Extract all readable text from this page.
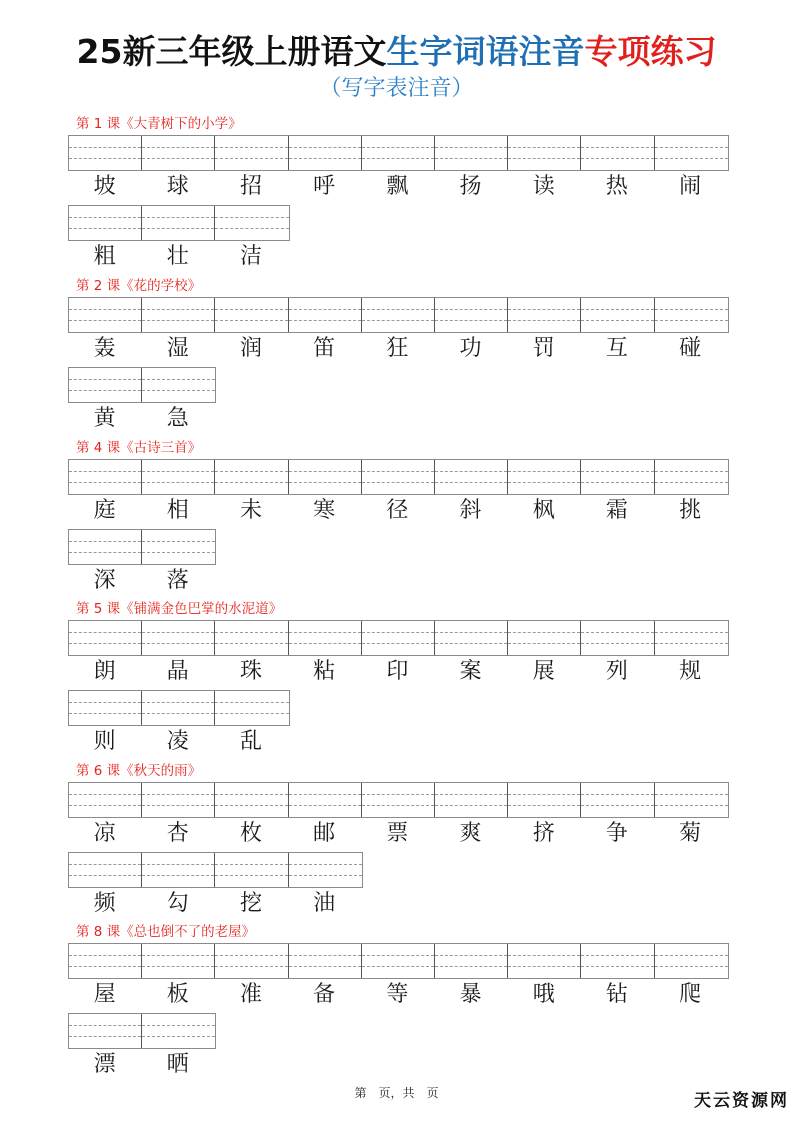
25新三年级上册语文生字词语注音专项练习
（写字表注音）
第 1 课《大青树下的小学》
坡	球	招	呼	飘	扬	读	热	闹
粗	壮	洁
第 2 课《花的学校》
轰	湿	润	笛	狂	功	罚	互	碰
黄	急
第 4 课《古诗三首》
庭	相	未	寒	径	斜	枫	霜	挑
深	落
第 5 课《铺满金色巴掌的水泥道》
朗	晶	珠	粘	印	案	展	列	规
则	凌	乱
第 6 课《秋天的雨》
凉	杏	枚	邮	票	爽	挤	争	菊
频	勾	挖	油
第 8 课《总也倒不了的老屋》
屋	板	准	备	等	暴	哦	钻	爬
漂	晒
第　页，共　页	天云资源网
